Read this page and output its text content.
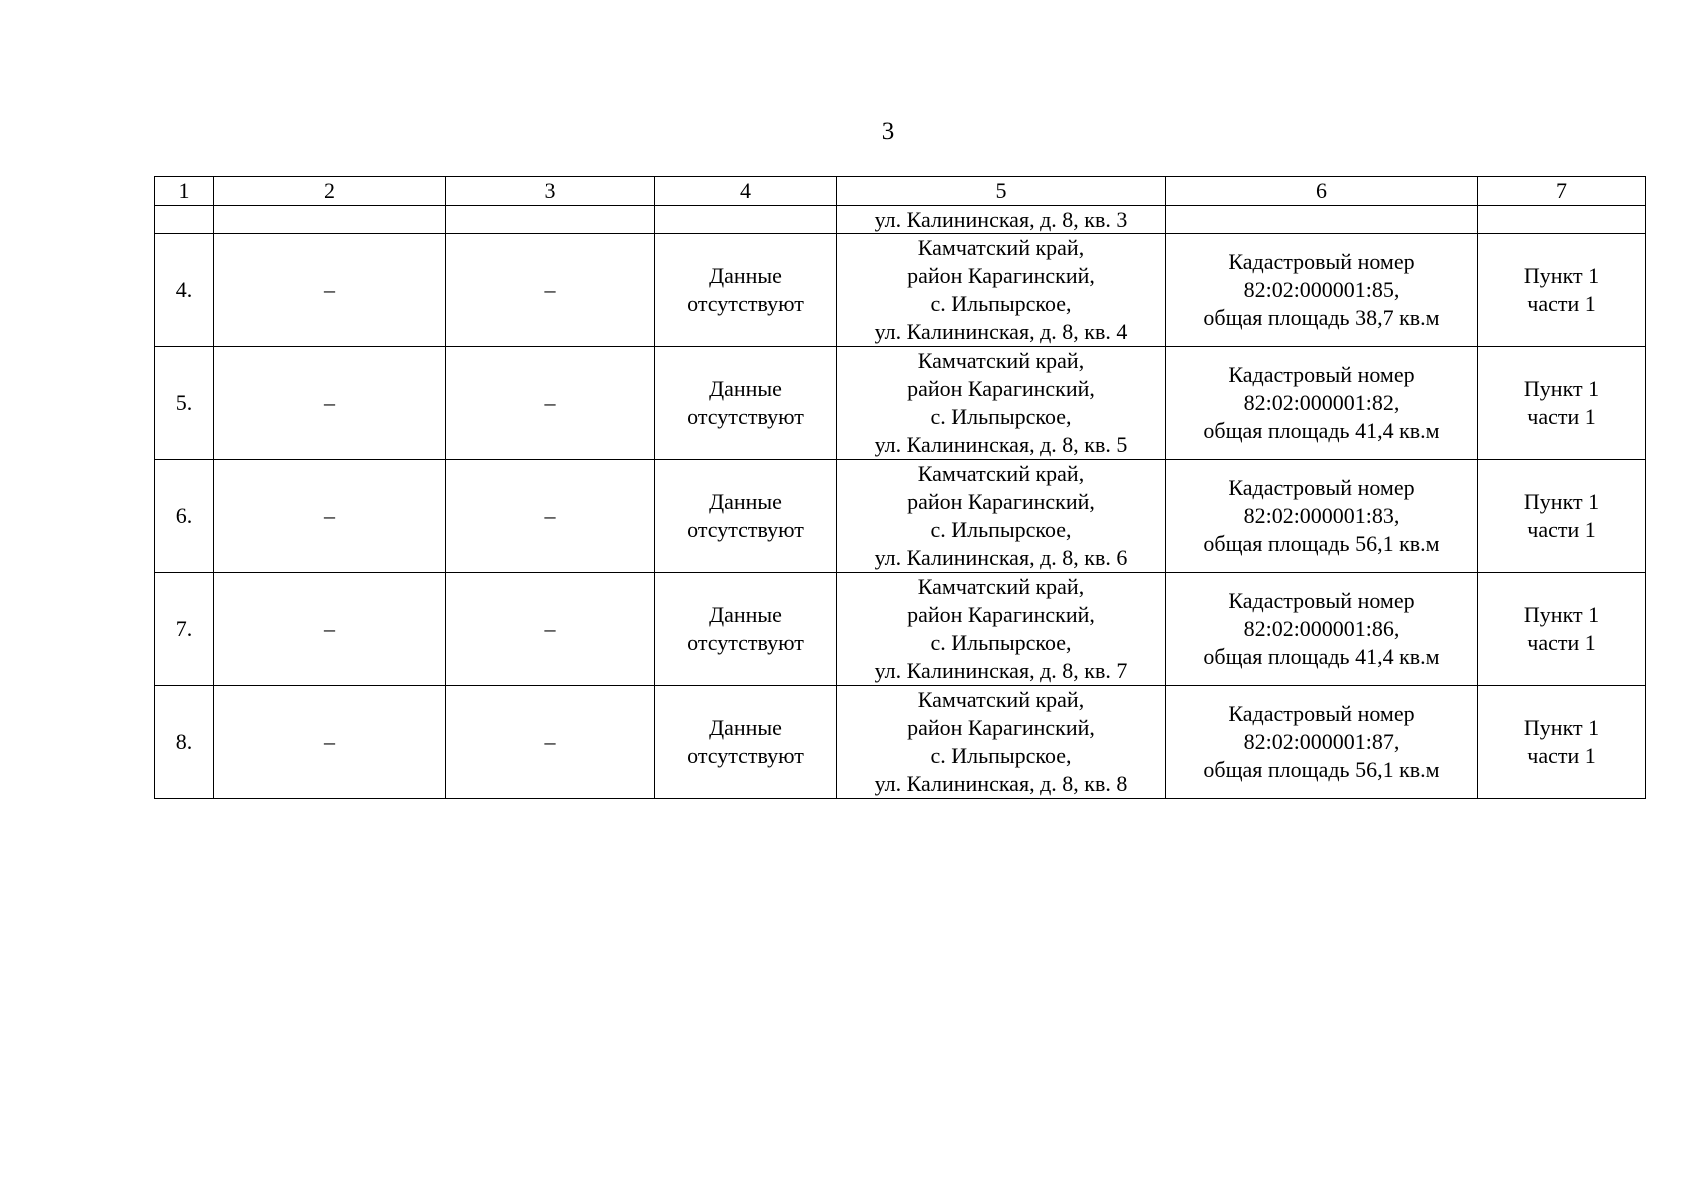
3
1	2	3	4	5	6	7
				ул. Калининская, д. 8, кв. 3		
4.	–	–	Данные
отсутствуют	Камчатский край,
район Карагинский,
с. Ильпырское,
ул. Калининская, д. 8, кв. 4	Кадастровый номер
82:02:000001:85,
общая площадь 38,7 кв.м	Пункт 1
части 1

5.	–	–	Данные
отсутствуют	Камчатский край,
район Карагинский,
с. Ильпырское,
ул. Калининская, д. 8, кв. 5	Кадастровый номер
82:02:000001:82,
общая площадь 41,4 кв.м	Пункт 1
части 1

6.	–	–	Данные
отсутствуют	Камчатский край,
район Карагинский,
с. Ильпырское,
ул. Калининская, д. 8, кв. 6	Кадастровый номер
82:02:000001:83,
общая площадь 56,1 кв.м	Пункт 1
части 1

7.	–	–	Данные
отсутствуют	Камчатский край,
район Карагинский,
с. Ильпырское,
ул. Калининская, д. 8, кв. 7	Кадастровый номер
82:02:000001:86,
общая площадь 41,4 кв.м	Пункт 1
части 1

8.	–	–	Данные
отсутствуют	Камчатский край,
район Карагинский,
с. Ильпырское,
ул. Калининская, д. 8, кв. 8	Кадастровый номер
82:02:000001:87,
общая площадь 56,1 кв.м	Пункт 1
части 1
